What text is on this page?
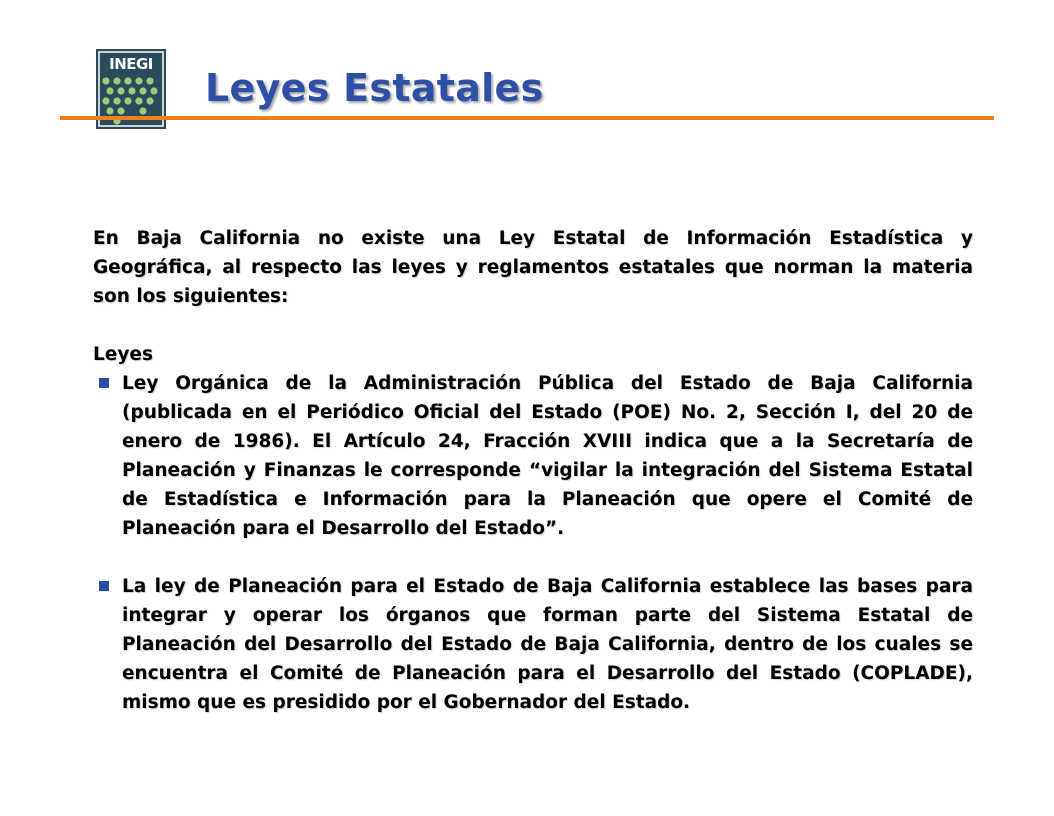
INEGI
Leyes Estatales

En Baja California no existe una Ley Estatal de Información Estadística y Geográfica, al respecto las leyes y reglamentos estatales que norman la materia son los siguientes:

Leyes

Ley Orgánica de la Administración Pública del Estado de Baja California (publicada en el Periódico Oficial del Estado (POE) No. 2, Sección I, del 20 de enero de 1986). El Artículo 24, Fracción XVIII indica que a la Secretaría de Planeación y Finanzas le corresponde “vigilar la integración del Sistema Estatal de Estadística e Información para la Planeación que opere el Comité de Planeación para el Desarrollo del Estado”.
La ley de Planeación para el Estado de Baja California establece las bases para integrar y operar los órganos que forman parte del Sistema Estatal de Planeación del Desarrollo del Estado de Baja California, dentro de los cuales se encuentra el Comité de Planeación para el Desarrollo del Estado (COPLADE), mismo que es presidido por el Gobernador del Estado.
